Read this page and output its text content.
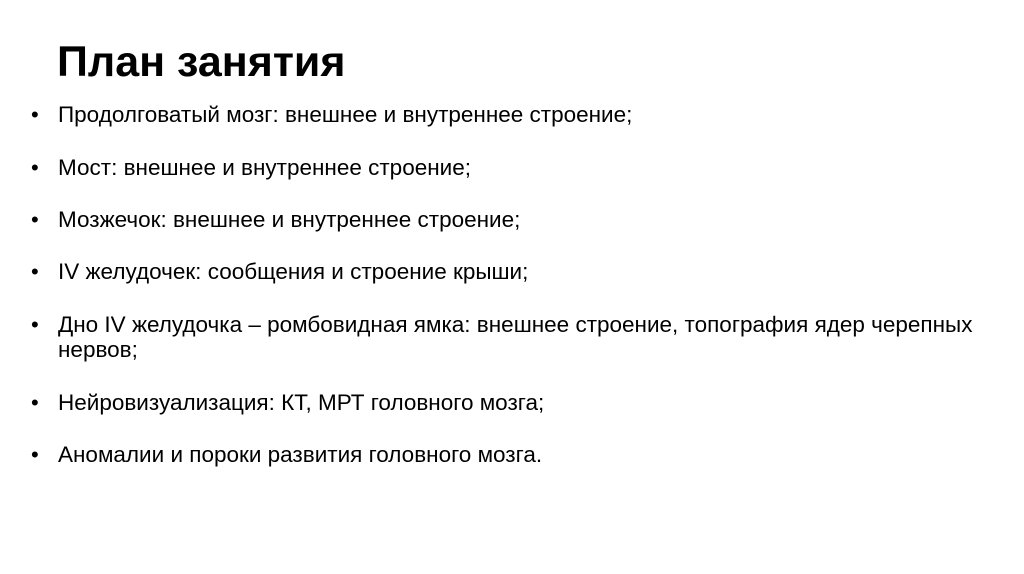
План занятия
• Продолговатый мозг: внешнее и внутреннее строение;
• Мост: внешнее и внутреннее строение;
• Мозжечок: внешнее и внутреннее строение;
• IV желудочек: сообщения и строение крыши;
• Дно IV желудочка – ромбовидная ямка: внешнее строение, топография ядер черепных нервов;
• Нейровизуализация: КТ, МРТ головного мозга;
• Аномалии и пороки развития головного мозга.
